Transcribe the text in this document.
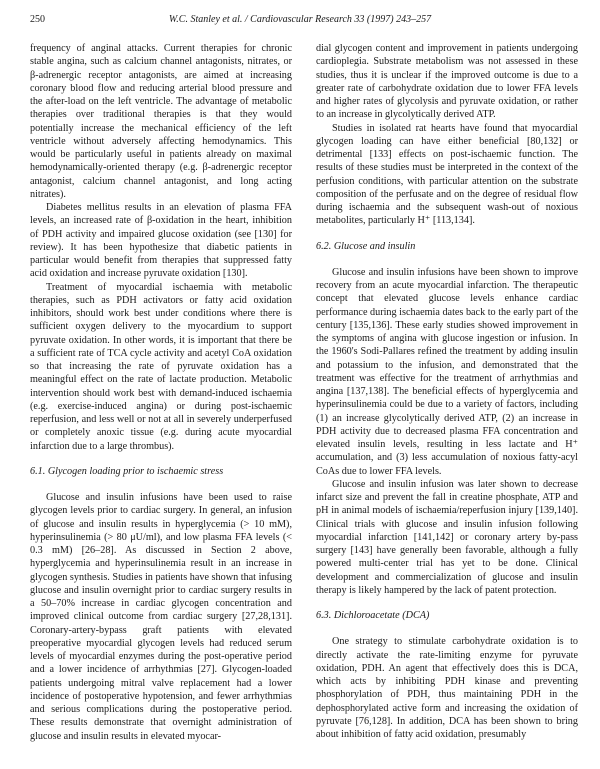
250	W.C. Stanley et al. / Cardiovascular Research 33 (1997) 243–257

frequency of anginal attacks. Current therapies for chronic stable angina, such as calcium channel antagonists, nitrates, or β-adrenergic receptor antagonists, are aimed at increasing coronary blood flow and reducing arterial blood pressure and the after-load on the left ventricle. The advantage of metabolic therapies over traditional therapies is that they would potentially increase the mechanical efficiency of the left ventricle without adversely affecting hemodynamics. This would be particularly useful in patients already on maximal hemodynamically-oriented therapy (e.g. β-adrenergic receptor antagonist, calcium channel antagonist, and long acting nitrates).

Diabetes mellitus results in an elevation of plasma FFA levels, an increased rate of β-oxidation in the heart, inhibition of PDH activity and impaired glucose oxidation (see [130] for review). It has been hypothesize that diabetic patients in particular would benefit from therapies that suppressed fatty acid oxidation and increase pyruvate oxidation [130].

Treatment of myocardial ischaemia with metabolic therapies, such as PDH activators or fatty acid oxidation inhibitors, should work best under conditions where there is sufficient oxygen delivery to the myocardium to support pyruvate oxidation. In other words, it is important that there be a sufficient rate of TCA cycle activity and acetyl CoA oxidation so that increasing the rate of pyruvate oxidation has a meaningful effect on the rate of lactate production. Metabolic intervention should work best with demand-induced ischaemia (e.g. exercise-induced angina) or during post-ischaemic reperfusion, and less well or not at all in severely underperfused or completely anoxic tissue (e.g. during acute myocardial infarction due to a large thrombus).

6.1. Glycogen loading prior to ischaemic stress

Glucose and insulin infusions have been used to raise glycogen levels prior to cardiac surgery. In general, an infusion of glucose and insulin results in hyperglycemia (> 10 mM), hyperinsulinemia (> 80 μU/ml), and low plasma FFA levels (< 0.3 mM) [26–28]. As discussed in Section 2 above, hyperglycemia and hyperinsulinemia result in an increase in glycogen synthesis. Studies in patients have shown that infusing glucose and insulin overnight prior to cardiac surgery results in a 50–70% increase in cardiac glycogen concentration and improved clinical outcome from cardiac surgery [27,28,131]. Coronary-artery-bypass graft patients with elevated preoperative myocardial glycogen levels had reduced serum levels of myocardial enzymes during the post-operative period and a lower incidence of arrhythmias [27]. Glycogen-loaded patients undergoing mitral valve replacement had a lower incidence of postoperative hypotension, and fewer arrhythmias and serious complications during the postoperative period. These results demonstrate that overnight administration of glucose and insulin results in elevated myocar-

dial glycogen content and improvement in patients undergoing cardioplegia. Substrate metabolism was not assessed in these studies, thus it is unclear if the improved outcome is due to a greater rate of carbohydrate oxidation due to lower FFA levels and higher rates of glycolysis and pyruvate oxidation, or rather to an increase in glycolytically derived ATP.

Studies in isolated rat hearts have found that myocardial glycogen loading can have either beneficial [80,132] or detrimental [133] effects on post-ischaemic function. The results of these studies must be interpreted in the context of the perfusion conditions, with particular attention on the substrate composition of the perfusate and on the degree of residual flow during ischaemia and the subsequent wash-out of noxious metabolites, particularly H⁺ [113,134].

6.2. Glucose and insulin

Glucose and insulin infusions have been shown to improve recovery from an acute myocardial infarction. The therapeutic concept that elevated glucose levels enhance cardiac performance during ischaemia dates back to the early part of the century [135,136]. These early studies showed improvement in the symptoms of angina with glucose ingestion or infusion. In the 1960's Sodi-Pallares refined the treatment by adding insulin and potassium to the infusion, and demonstrated that the treatment was effective for the treatment of arrhythmias and angina [137,138]. The beneficial effects of hyperglycemia and hyperinsulinemia could be due to a variety of factors, including (1) an increase glycolytically derived ATP, (2) an increase in PDH activity due to decreased plasma FFA concentration and elevated insulin levels, resulting in less lactate and H⁺ accumulation, and (3) less accumulation of noxious fatty-acyl CoAs due to lower FFA levels.

Glucose and insulin infusion was later shown to decrease infarct size and prevent the fall in creatine phosphate, ATP and pH in animal models of ischaemia/reperfusion injury [139,140]. Clinical trials with glucose and insulin infusion following myocardial infarction [141,142] or coronary artery by-pass surgery [143] have generally been favorable, although a fully powered multi-center trial has yet to be done. Clinical development and commercialization of glucose and insulin therapy is likely hampered by the lack of patent protection.

6.3. Dichloroacetate (DCA)

One strategy to stimulate carbohydrate oxidation is to directly activate the rate-limiting enzyme for pyruvate oxidation, PDH. An agent that effectively does this is DCA, which acts by inhibiting PDH kinase and preventing phosphorylation of PDH, thus maintaining PDH in the dephosphorylated active form and increasing the oxidation of pyruvate [76,128]. In addition, DCA has been shown to bring about inhibition of fatty acid oxidation, presumably
